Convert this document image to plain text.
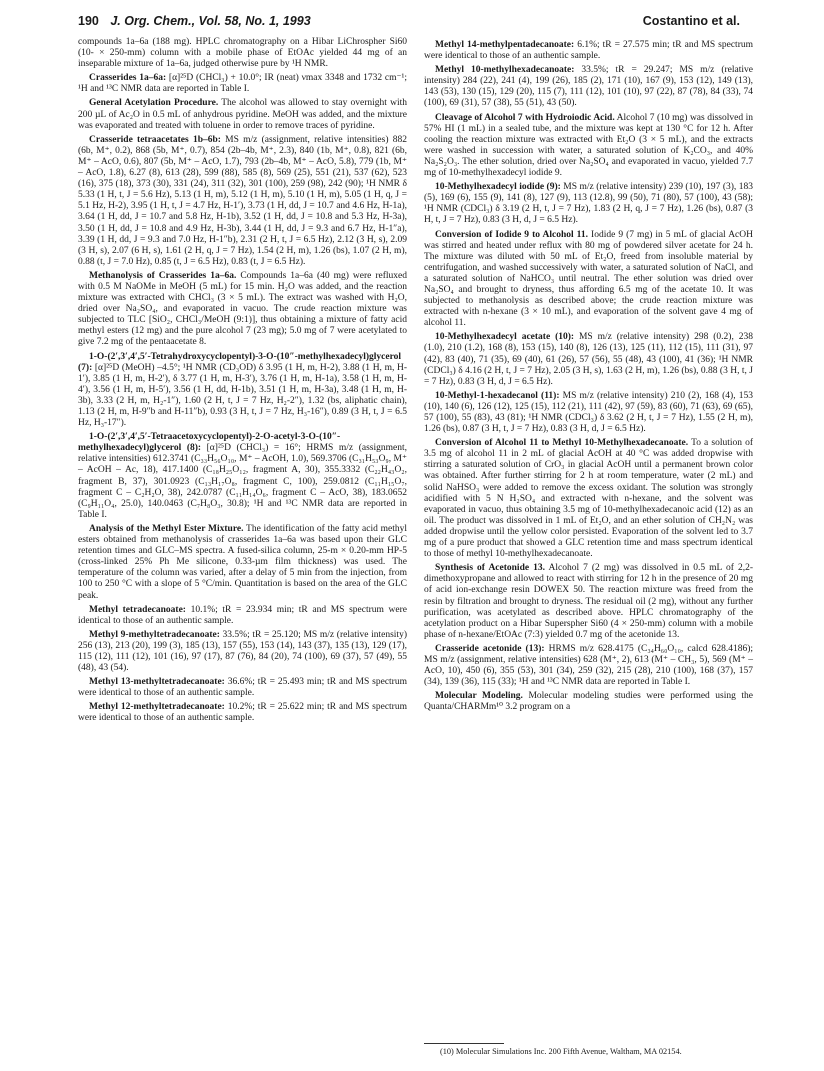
190 J. Org. Chem., Vol. 58, No. 1, 1993	Costantino et al.

compounds 1a–6a (188 mg). HPLC chromatography on a Hibar LiChrospher Si60 (10- × 250-mm) column with a mobile phase of EtOAc yielded 44 mg of an inseparable mixture of 1a–6a, judged otherwise pure by ¹H NMR.

Crasserides 1a–6a: [α]²⁵D (CHCl₃) + 10.0°; IR (neat) νmax 3348 and 1732 cm⁻¹; ¹H and ¹³C NMR data are reported in Table I.

General Acetylation Procedure. The alcohol was allowed to stay overnight with 200 µL of Ac₂O in 0.5 mL of anhydrous pyridine. MeOH was added, and the mixture was evaporated and treated with toluene in order to remove traces of pyridine.

Crasseride tetraacetates 1b–6b: MS m/z (assignment, relative intensities) 882 (6b, M⁺, 0.2), 868 (5b, M⁺, 0.7), 854 (2b–4b, M⁺, 2.3), 840 (1b, M⁺, 0.8), 821 (6b, M⁺ – AcO, 0.6), 807 (5b, M⁺ – AcO, 1.7), 793 (2b–4b, M⁺ – AcO, 5.8), 779 (1b, M⁺ – AcO, 1.8), 6.27 (8), 613 (28), 599 (88), 585 (8), 569 (25), 551 (21), 537 (62), 523 (16), 375 (18), 373 (30), 331 (24), 311 (32), 301 (100), 259 (98), 242 (90); ¹H NMR δ 5.33 (1 H, t, J = 5.6 Hz), 5.13 (1 H, m), 5.12 (1 H, m), 5.10 (1 H, m), 5.05 (1 H, q, J = 5.1 Hz, H-2), 3.95 (1 H, t, J = 4.7 Hz, H-1′), 3.73 (1 H, dd, J = 10.7 and 4.6 Hz, H-1a), 3.64 (1 H, dd, J = 10.7 and 5.8 Hz, H-1b), 3.52 (1 H, dd, J = 10.8 and 5.3 Hz, H-3a), 3.50 (1 H, dd, J = 10.8 and 4.9 Hz, H-3b), 3.44 (1 H, dd, J = 9.3 and 6.7 Hz, H-1″a), 3.39 (1 H, dd, J = 9.3 and 7.0 Hz, H-1″b), 2.31 (2 H, t, J = 6.5 Hz), 2.12 (3 H, s), 2.09 (3 H, s), 2.07 (6 H, s), 1.61 (2 H, q, J = 7 Hz), 1.54 (2 H, m), 1.26 (bs), 1.07 (2 H, m), 0.88 (t, J = 7.0 Hz), 0.85 (t, J = 6.5 Hz), 0.83 (t, J = 6.5 Hz).

Methanolysis of Crasserides 1a–6a. Compounds 1a–6a (40 mg) were refluxed with 0.5 M NaOMe in MeOH (5 mL) for 15 min. H₂O was added, and the reaction mixture was extracted with CHCl₃ (3 × 5 mL). The extract was washed with H₂O, dried over Na₂SO₄, and evaporated in vacuo. The crude reaction mixture was subjected to TLC [SiO₂, CHCl₃/MeOH (9:1)], thus obtaining a mixture of fatty acid methyl esters (12 mg) and the pure alcohol 7 (23 mg); 5.0 mg of 7 were acetylated to give 7.2 mg of the pentaacetate 8.

1-O-(2′,3′,4′,5′-Tetrahydroxycyclopentyl)-3-O-(10″-methylhexadecyl)glycerol (7): [α]²⁵D (MeOH) –4.5°; ¹H NMR (CD₃OD) δ 3.95 (1 H, m, H-2), 3.88 (1 H, m, H-1′), 3.85 (1 H, m, H-2′), δ 3.77 (1 H, m, H-3′), 3.76 (1 H, m, H-1a), 3.58 (1 H, m, H-4′), 3.56 (1 H, m, H-5′), 3.56 (1 H, dd, H-1b), 3.51 (1 H, m, H-3a), 3.48 (1 H, m, H-3b), 3.33 (2 H, m, H₂-1″), 1.60 (2 H, t, J = 7 Hz, H₂-2″), 1.32 (bs, aliphatic chain), 1.13 (2 H, m, H-9″b and H-11″b), 0.93 (3 H, t, J = 7 Hz, H₃-16″), 0.89 (3 H, t, J = 6.5 Hz, H₃-17″).

1-O-(2′,3′,4′,5′-Tetraacetoxycyclopentyl)-2-O-acetyl-3-O-(10″-methylhexadecyl)glycerol (8): [α]²⁵D (CHCl₃) = 16°; HRMS m/z (assignment, relative intensities) 612.3741 (C₃₃H₅₆O₁₀, M⁺ – AcOH, 1.0), 569.3706 (C₃₁H₅₃O₉, M⁺ – AcOH – Ac, 18), 417.1400 (C₁₈H₂₅O₁₂, fragment A, 30), 355.3332 (C₂₂H₄₃O₂, fragment B, 37), 301.0923 (C₁₃H₁₇O₈, fragment C, 100), 259.0812 (C₁₁H₁₅O₇, fragment C – C₂H₂O, 38), 242.0787 (C₁₁H₁₄O₆, fragment C – AcO, 38), 183.0652 (C₉H₁₁O₄, 25.0), 140.0463 (C₇H₈O₃, 30.8); ¹H and ¹³C NMR data are reported in Table I.

Analysis of the Methyl Ester Mixture. The identification of the fatty acid methyl esters obtained from methanolysis of crasserides 1a–6a was based upon their GLC retention times and GLC–MS spectra. A fused-silica column, 25-m × 0.20-mm HP-5 (cross-linked 25% Ph Me silicone, 0.33-µm film thickness) was used. The temperature of the column was varied, after a delay of 5 min from the injection, from 100 to 250 °C with a slope of 5 °C/min. Quantitation is based on the area of the GLC peak.

Methyl tetradecanoate: 10.1%; tR = 23.934 min; tR and MS spectrum were identical to those of an authentic sample.

Methyl 9-methyltetradecanoate: 33.5%; tR = 25.120; MS m/z (relative intensity) 256 (13), 213 (20), 199 (3), 185 (13), 157 (55), 153 (14), 143 (37), 135 (13), 129 (17), 115 (12), 111 (12), 101 (16), 97 (17), 87 (76), 84 (20), 74 (100), 69 (37), 57 (49), 55 (48), 43 (54).

Methyl 13-methyltetradecanoate: 36.6%; tR = 25.493 min; tR and MS spectrum were identical to those of an authentic sample.

Methyl 12-methyltetradecanoate: 10.2%; tR = 25.622 min; tR and MS spectrum were identical to those of an authentic sample.

Methyl 14-methylpentadecanoate: 6.1%; tR = 27.575 min; tR and MS spectrum were identical to those of an authentic sample.

Methyl 10-methylhexadecanoate: 33.5%; tR = 29.247; MS m/z (relative intensity) 284 (22), 241 (4), 199 (26), 185 (2), 171 (10), 167 (9), 153 (12), 149 (13), 143 (53), 130 (15), 129 (20), 115 (7), 111 (12), 101 (10), 97 (22), 87 (78), 84 (33), 74 (100), 69 (31), 57 (38), 55 (51), 43 (50).

Cleavage of Alcohol 7 with Hydroiodic Acid. Alcohol 7 (10 mg) was dissolved in 57% HI (1 mL) in a sealed tube, and the mixture was kept at 130 °C for 12 h. After cooling the reaction mixture was extracted with Et₂O (3 × 5 mL), and the extracts were washed in succession with water, a saturated solution of K₂CO₃, and 40% Na₂S₂O₃. The ether solution, dried over Na₂SO₄ and evaporated in vacuo, yielded 7.7 mg of 10-methylhexadecyl iodide 9.

10-Methylhexadecyl iodide (9): MS m/z (relative intensity) 239 (10), 197 (3), 183 (5), 169 (6), 155 (9), 141 (8), 127 (9), 113 (12.8), 99 (50), 71 (80), 57 (100), 43 (58); ¹H NMR (CDCl₃) δ 3.19 (2 H, t, J = 7 Hz), 1.83 (2 H, q, J = 7 Hz), 1.26 (bs), 0.87 (3 H, t, J = 7 Hz), 0.83 (3 H, d, J = 6.5 Hz).

Conversion of Iodide 9 to Alcohol 11. Iodide 9 (7 mg) in 5 mL of glacial AcOH was stirred and heated under reflux with 80 mg of powdered silver acetate for 24 h. The mixture was diluted with 50 mL of Et₂O, freed from insoluble material by centrifugation, and washed successively with water, a saturated solution of NaCl, and a saturated solution of NaHCO₃ until neutral. The ether solution was dried over Na₂SO₄ and brought to dryness, thus affording 6.5 mg of the acetate 10. It was subjected to methanolysis as described above; the crude reaction mixture was extracted with n-hexane (3 × 10 mL), and evaporation of the solvent gave 4 mg of alcohol 11.

10-Methylhexadecyl acetate (10): MS m/z (relative intensity) 298 (0.2), 238 (1.0), 210 (1.2), 168 (8), 153 (15), 140 (8), 126 (13), 125 (11), 112 (15), 111 (31), 97 (42), 83 (40), 71 (35), 69 (40), 61 (26), 57 (56), 55 (48), 43 (100), 41 (36); ¹H NMR (CDCl₃) δ 4.16 (2 H, t, J = 7 Hz), 2.05 (3 H, s), 1.63 (2 H, m), 1.26 (bs), 0.88 (3 H, t, J = 7 Hz), 0.83 (3 H, d, J = 6.5 Hz).

10-Methyl-1-hexadecanol (11): MS m/z (relative intensity) 210 (2), 168 (4), 153 (10), 140 (6), 126 (12), 125 (15), 112 (21), 111 (42), 97 (59), 83 (60), 71 (63), 69 (65), 57 (100), 55 (83), 43 (81); ¹H NMR (CDCl₃) δ 3.62 (2 H, t, J = 7 Hz), 1.55 (2 H, m), 1.26 (bs), 0.87 (3 H, t, J = 7 Hz), 0.83 (3 H, d, J = 6.5 Hz).

Conversion of Alcohol 11 to Methyl 10-Methylhexadecanoate. To a solution of 3.5 mg of alcohol 11 in 2 mL of glacial AcOH at 40 °C was added dropwise with stirring a saturated solution of CrO₃ in glacial AcOH until a permanent brown color was obtained. After further stirring for 2 h at room temperature, water (2 mL) and solid NaHSO₃ were added to remove the excess oxidant. The solution was strongly acidified with 5 N H₂SO₄ and extracted with n-hexane, and the solvent was evaporated in vacuo, thus obtaining 3.5 mg of 10-methylhexadecanoic acid (12) as an oil. The product was dissolved in 1 mL of Et₂O, and an ether solution of CH₂N₂ was added dropwise until the yellow color persisted. Evaporation of the solvent led to 3.7 mg of a pure product that showed a GLC retention time and mass spectrum identical to those of methyl 10-methylhexadecanoate.

Synthesis of Acetonide 13. Alcohol 7 (2 mg) was dissolved in 0.5 mL of 2,2-dimethoxypropane and allowed to react with stirring for 12 h in the presence of 20 mg of acid ion-exchange resin DOWEX 50. The reaction mixture was freed from the resin by filtration and brought to dryness. The residual oil (2 mg), without any further purification, was acetylated as described above. HPLC chromatography of the acetylation product on a Hibar Superspher Si60 (4 × 250-mm) column with a mobile phase of n-hexane/EtOAc (7:3) yielded 0.7 mg of the acetonide 13.

Crasseride acetonide (13): HRMS m/z 628.4175 (C₃₄H₆₀O₁₀, calcd 628.4186); MS m/z (assignment, relative intensities) 628 (M⁺, 2), 613 (M⁺ – CH₃, 5), 569 (M⁺ – AcO, 10), 450 (6), 355 (53), 301 (34), 259 (32), 215 (28), 210 (100), 168 (37), 157 (34), 139 (36), 115 (33); ¹H and ¹³C NMR data are reported in Table I.

Molecular Modeling. Molecular modeling studies were performed using the Quanta/CHARMm¹⁰ 3.2 program on a

(10) Molecular Simulations Inc. 200 Fifth Avenue, Waltham, MA 02154.
